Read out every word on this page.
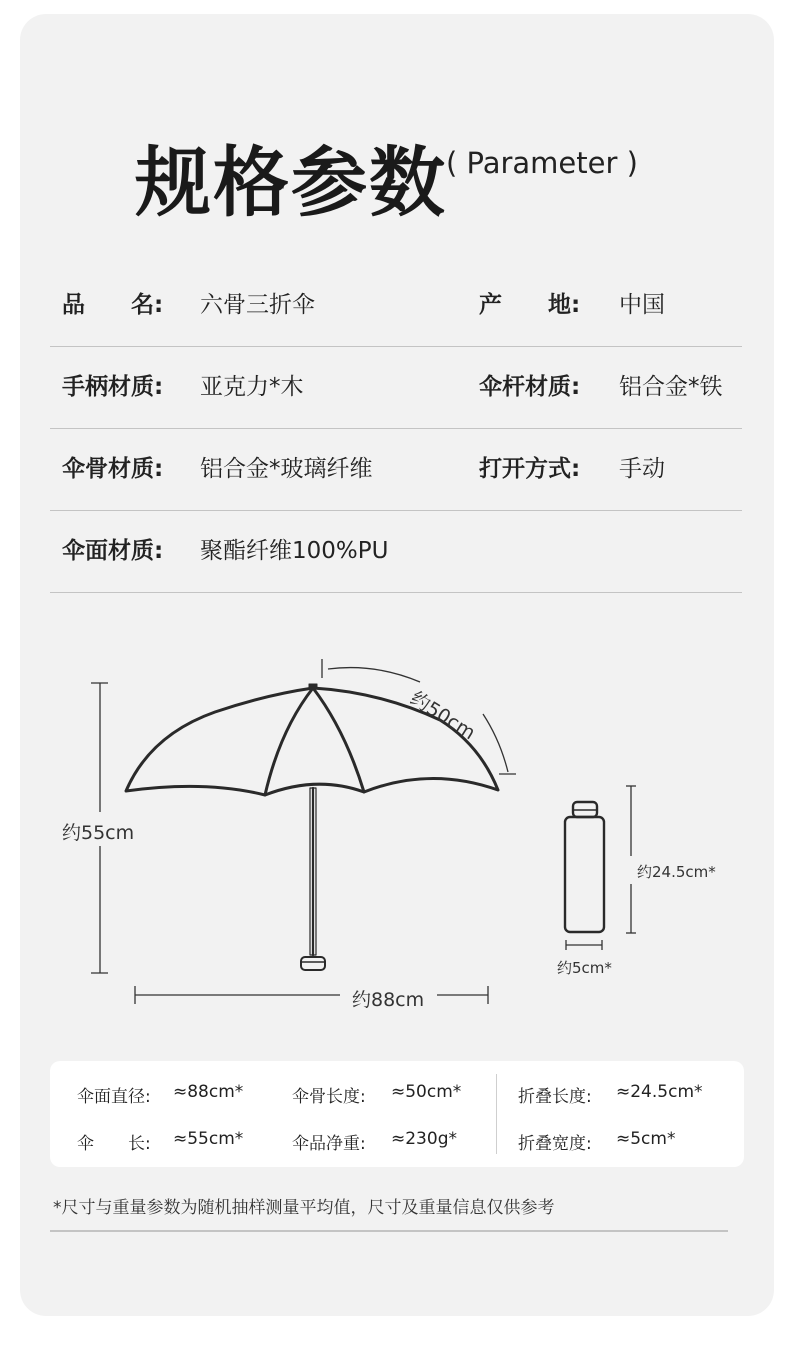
规格参数 ( Parameter )
品　　名: 六骨三折伞	产　　地: 中国
手柄材质: 亚克力*木	伞杆材质: 铝合金*铁
伞骨材质: 铝合金*玻璃纤维	打开方式: 手动
伞面材质: 聚酯纤维100%PU
约50cm
约55cm
约88cm
约24.5cm*
约5cm*
伞面直径: ≈88cm*	伞骨长度: ≈50cm*	折叠长度: ≈24.5cm*
伞　　长: ≈55cm*	伞品净重: ≈230g*	折叠宽度: ≈5cm*
*尺寸与重量参数为随机抽样测量平均值，尺寸及重量信息仅供参考
